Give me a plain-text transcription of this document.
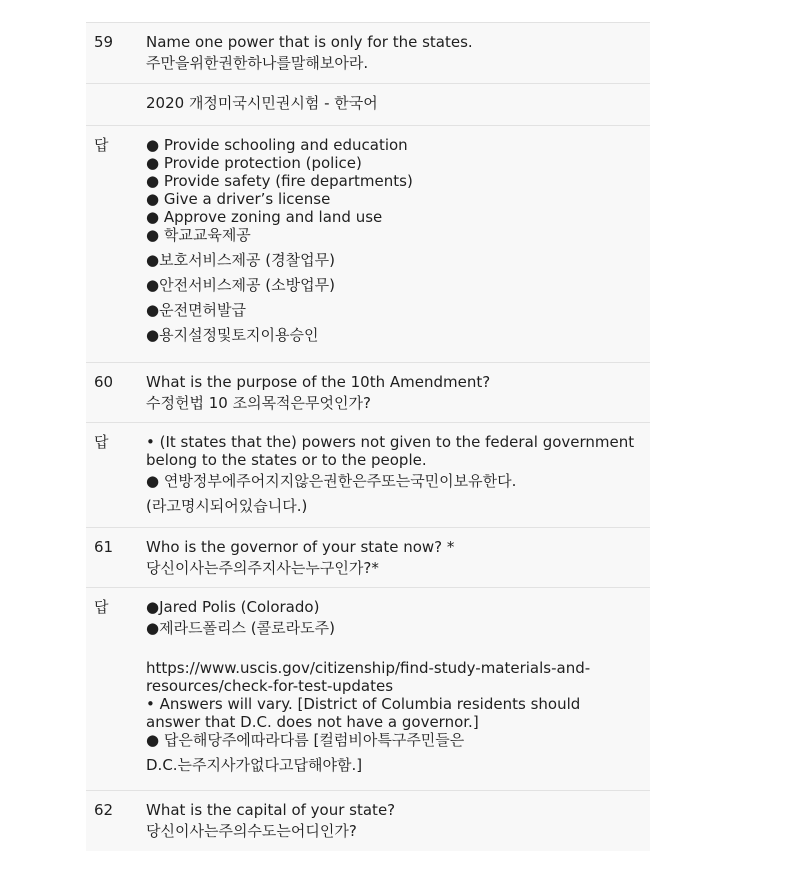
59 Name one power that is only for the states.
주만을위한권한하나를말해보아라.
2020 개정미국시민권시험 - 한국어
답	● Provide schooling and education
● Provide protection (police)
● Provide safety (fire departments)
● Give a driver’s license
● Approve zoning and land use
● 학교교육제공
●보호서비스제공 (경찰업무)
●안전서비스제공 (소방업무)
●운전면허발급
●용지설정및토지이용승인
60 What is the purpose of the 10th Amendment?
수정헌법 10 조의목적은무엇인가?
답	• (It states that the) powers not given to the federal government
belong to the states or to the people.
● 연방정부에주어지지않은권한은주또는국민이보유한다.
(라고명시되어있습니다.)
61 Who is the governor of your state now? *
당신이사는주의주지사는누구인가?*
답	●Jared Polis (Colorado)
●제라드폴리스 (콜로라도주)
https://www.uscis.gov/citizenship/find-study-materials-and-
resources/check-for-test-updates
• Answers will vary. [District of Columbia residents should
answer that D.C. does not have a governor.]
● 답은해당주에따라다름 [컬럼비아특구주민들은
D.C.는주지사가없다고답해야함.]
62 What is the capital of your state?
당신이사는주의수도는어디인가?
